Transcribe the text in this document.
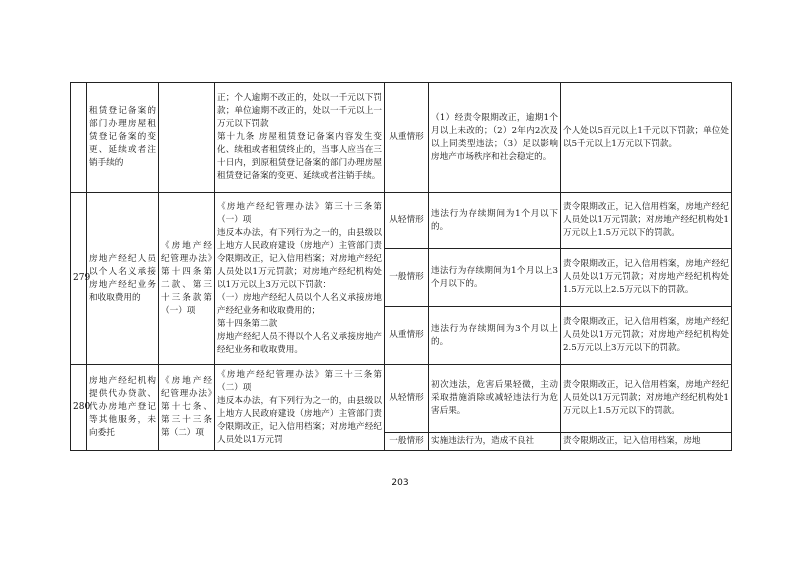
	租赁登记备案的部门办理房屋租赁登记备案的变更、延续或者注销手续的		正；个人逾期不改正的，处以一千元以下罚款；单位逾期不改正的，处以一千元以上一万元以下罚款
第十九条 房屋租赁登记备案内容发生变化、续租或者租赁终止的，当事人应当在三十日内，到原租赁登记备案的部门办理房屋租赁登记备案的变更、延续或者注销手续。	从重情形	（1）经责令限期改正，逾期1个月以上未改的；（2）2年内2次及以上同类型违法；（3）足以影响房地产市场秩序和社会稳定的。	个人处以5百元以上1千元以下罚款；单位处以5千元以上1万元以下罚款。
279	房地产经纪人员以个人名义承接房地产经纪业务和收取费用的	《房地产经纪管理办法》第十四条第二款、第三十三条款第（一）项	《房地产经纪管理办法》第三十三条第（一）项
违反本办法，有下列行为之一的，由县级以上地方人民政府建设（房地产）主管部门责令限期改正，记入信用档案；对房地产经纪人员处以1万元罚款；对房地产经纪机构处以1万元以上3万元以下罚款：
（一）房地产经纪人员以个人名义承接房地产经纪业务和收取费用的；
第十四条第二款
房地产经纪人员不得以个人名义承接房地产经纪业务和收取费用。	从轻情形	违法行为存续期间为1个月以下的。	责令限期改正，记入信用档案，房地产经纪人员处以1万元罚款；对房地产经纪机构处1万元以上1.5万元以下的罚款。
				一般情形	违法行为存续期间为1个月以上3个月以下的。	责令限期改正，记入信用档案，房地产经纪人员处以1万元罚款；对房地产经纪机构处1.5万元以上2.5万元以下的罚款。
				从重情形	违法行为存续期间为3个月以上的。	责令限期改正，记入信用档案，房地产经纪人员处以1万元罚款；对房地产经纪机构处2.5万元以上3万元以下的罚款。
280	房地产经纪机构提供代办贷款、代办房地产登记等其他服务，未向委托	《房地产经纪管理办法》第十七条、第三十三条第（二）项	《房地产经纪管理办法》第三十三条第（二）项
违反本办法，有下列行为之一的，由县级以上地方人民政府建设（房地产）主管部门责令限期改正，记入信用档案；对房地产经纪人员处以1万元罚	从轻情形	初次违法，危害后果轻微，主动采取措施消除或减轻违法行为危害后果。	责令限期改正，记入信用档案，房地产经纪人员处以1万元罚款；对房地产经纪机构处1万元以上1.5万元以下的罚款。
				一般情形	实施违法行为，造成不良社	责令限期改正，记入信用档案，房地
203
